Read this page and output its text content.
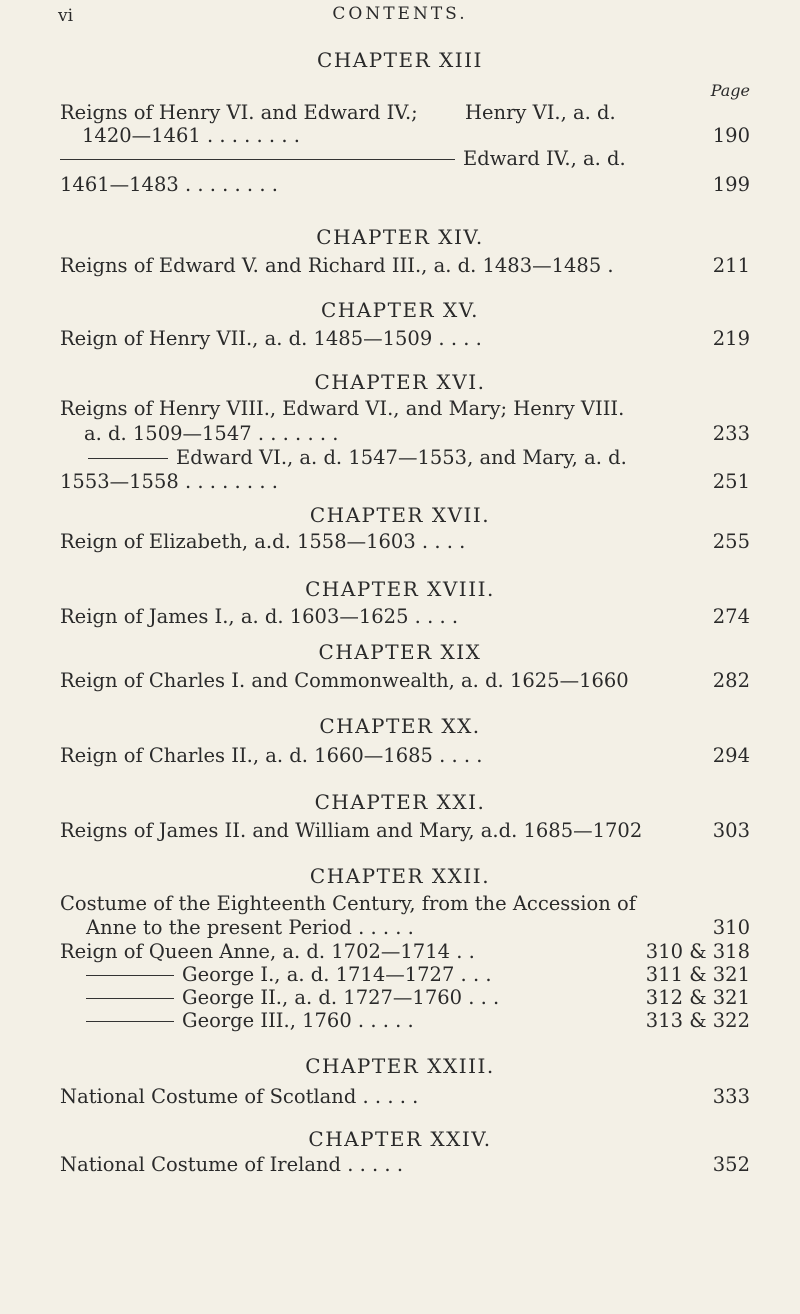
vi	CONTENTS.
CHAPTER XIII
Page
Reigns of Henry VI. and Edward IV.; Henry VI., a. d.
1420—1461 . . . . . . . .	190
Edward IV., a. d.
1461—1483 . . . . . . . .	199
CHAPTER XIV.
Reigns of Edward V. and Richard III., a. d. 1483—1485 .	211
CHAPTER XV.
Reign of Henry VII., a. d. 1485—1509 . . . .	219
CHAPTER XVI.
Reigns of Henry VIII., Edward VI., and Mary; Henry VIII.
a. d. 1509—1547 . . . . . . .	233
Edward VI., a. d. 1547—1553, and Mary, a. d.
1553—1558 . . . . . . . .	251
CHAPTER XVII.
Reign of Elizabeth, a.d. 1558—1603 . . . .	255
CHAPTER XVIII.
Reign of James I., a. d. 1603—1625 . . . .	274
CHAPTER XIX
Reign of Charles I. and Commonwealth, a. d. 1625—1660	282
CHAPTER XX.
Reign of Charles II., a. d. 1660—1685 . . . .	294
CHAPTER XXI.
Reigns of James II. and William and Mary, a.d. 1685—1702	303
CHAPTER XXII.
Costume of the Eighteenth Century, from the Accession of
Anne to the present Period . . . . .	310
Reign of Queen Anne, a. d. 1702—1714 . .	310 & 318
George I., a. d. 1714—1727 . . .	311 & 321
George II., a. d. 1727—1760 . . .	312 & 321
George III., 1760 . . . . .	313 & 322
CHAPTER XXIII.
National Costume of Scotland . . . . .	333
CHAPTER XXIV.
National Costume of Ireland . . . . .	352
